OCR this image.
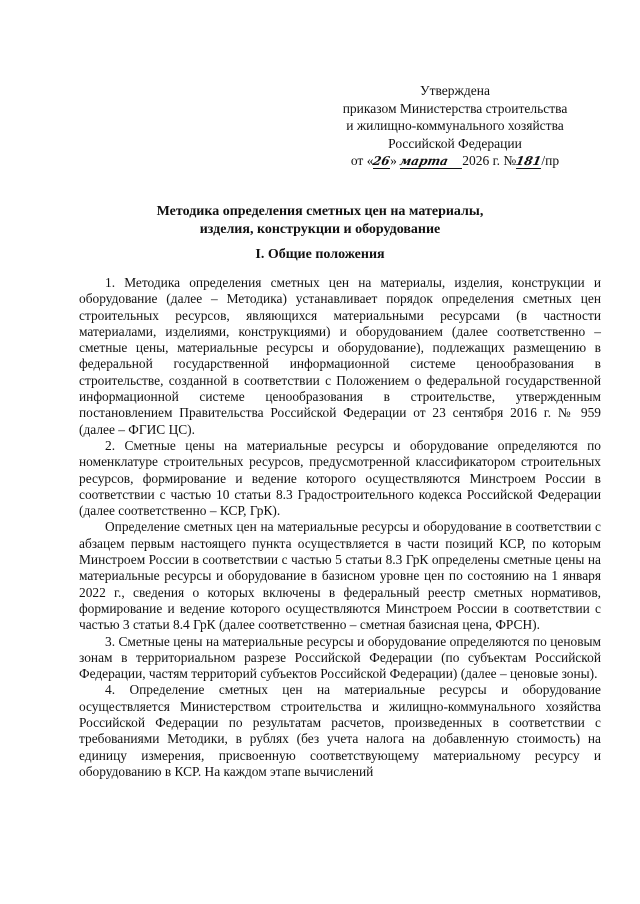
Утверждена
приказом Министерства строительства
и жилищно-коммунального хозяйства
Российской Федерации
от «26» марта 2026 г. №181/пр
Методика определения сметных цен на материалы,
изделия, конструкции и оборудование
I. Общие положения

1. Методика определения сметных цен на материалы, изделия, конструкции и оборудование (далее – Методика) устанавливает порядок определения сметных цен строительных ресурсов, являющихся материальными ресурсами (в частности материалами, изделиями, конструкциями) и оборудованием (далее соответственно – сметные цены, материальные ресурсы и оборудование), подлежащих размещению в федеральной государственной информационной системе ценообразования в строительстве, созданной в соответствии с Положением о федеральной государственной информационной системе ценообразования в строительстве, утвержденным постановлением Правительства Российской Федерации от 23 сентября 2016 г. № 959 (далее – ФГИС ЦС).

2. Сметные цены на материальные ресурсы и оборудование определяются по номенклатуре строительных ресурсов, предусмотренной классификатором строительных ресурсов, формирование и ведение которого осуществляются Минстроем России в соответствии с частью 10 статьи 8.3 Градостроительного кодекса Российской Федерации (далее соответственно – КСР, ГрК).

Определение сметных цен на материальные ресурсы и оборудование в соответствии с абзацем первым настоящего пункта осуществляется в части позиций КСР, по которым Минстроем России в соответствии с частью 5 статьи 8.3 ГрК определены сметные цены на материальные ресурсы и оборудование в базисном уровне цен по состоянию на 1 января 2022 г., сведения о которых включены в федеральный реестр сметных нормативов, формирование и ведение которого осуществляются Минстроем России в соответствии с частью 3 статьи 8.4 ГрК (далее соответственно – сметная базисная цена, ФРСН).

3. Сметные цены на материальные ресурсы и оборудование определяются по ценовым зонам в территориальном разрезе Российской Федерации (по субъектам Российской Федерации, частям территорий субъектов Российской Федерации) (далее – ценовые зоны).

4. Определение сметных цен на материальные ресурсы и оборудование осуществляется Министерством строительства и жилищно-коммунального хозяйства Российской Федерации по результатам расчетов, произведенных в соответствии с требованиями Методики, в рублях (без учета налога на добавленную стоимость) на единицу измерения, присвоенную соответствующему материальному ресурсу и оборудованию в КСР. На каждом этапе вычислений
